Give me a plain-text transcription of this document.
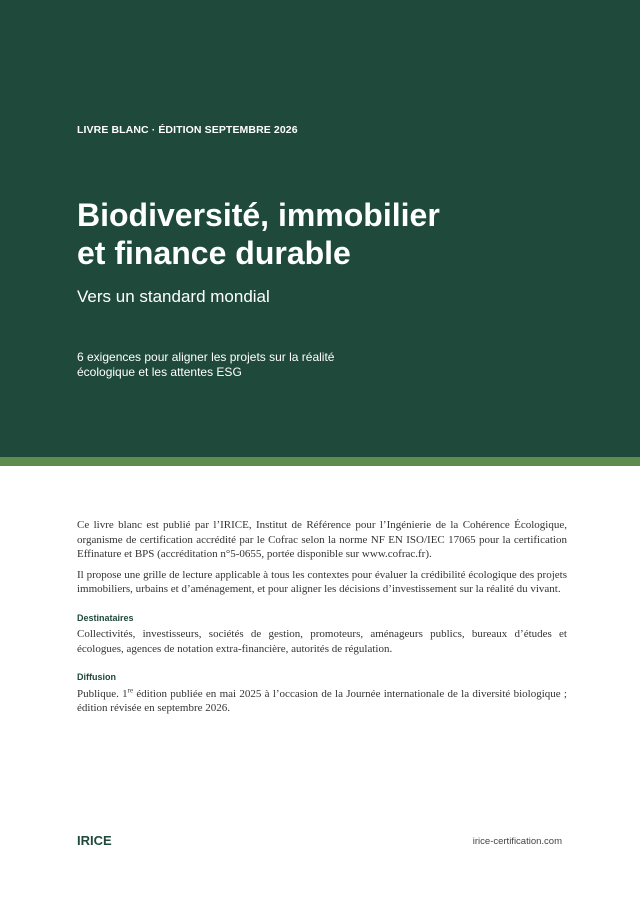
LIVRE BLANC · ÉDITION SEPTEMBRE 2026
Biodiversité, immobilier
et finance durable
Vers un standard mondial
6 exigences pour aligner les projets sur la réalité
écologique et les attentes ESG

Ce livre blanc est publié par l’IRICE, Institut de Référence pour l’Ingénierie de la Cohérence Écologique, organisme de certification accrédité par le Cofrac selon la norme NF EN ISO/IEC 17065 pour la certification Effinature et BPS (accréditation n°5-0655, portée disponible sur www.cofrac.fr).

Il propose une grille de lecture applicable à tous les contextes pour évaluer la crédibilité écologique des projets immobiliers, urbains et d’aménagement, et pour aligner les décisions d’investissement sur la réalité du vivant.

Destinataires

Collectivités, investisseurs, sociétés de gestion, promoteurs, aménageurs publics, bureaux d’études et écologues, agences de notation extra-financière, autorités de régulation.

Diffusion

Publique. 1re édition publiée en mai 2025 à l’occasion de la Journée internationale de la diversité biologique ; édition révisée en septembre 2026.

IRICE	irice-certification.com
